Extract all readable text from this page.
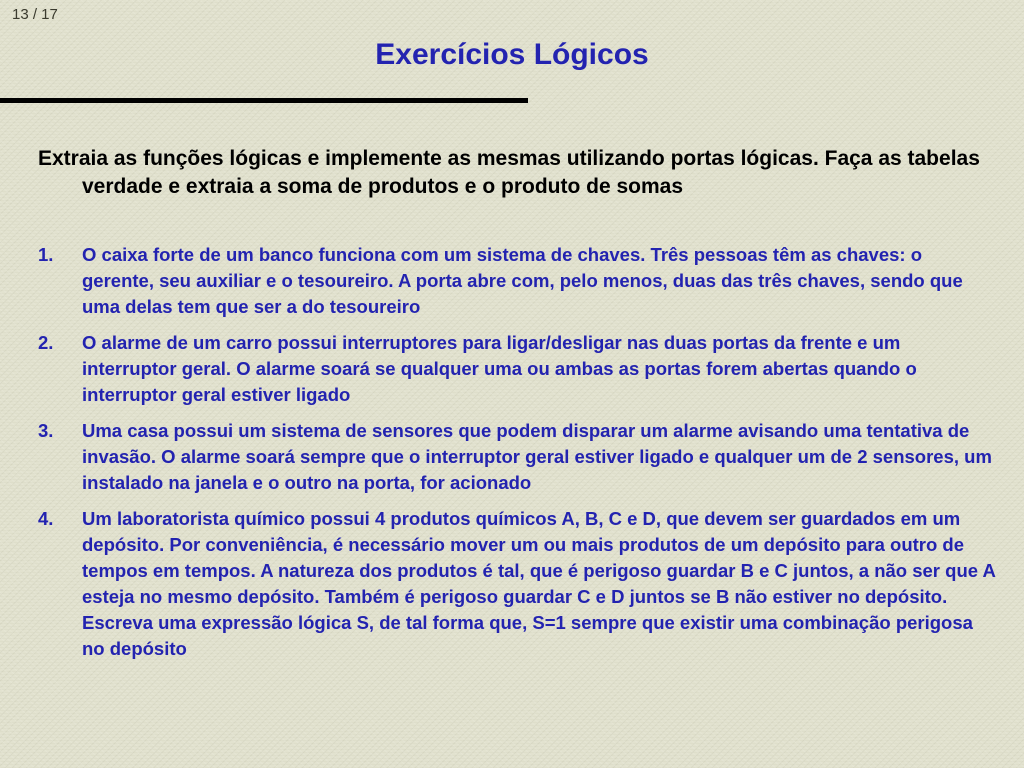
13 / 17
Exercícios Lógicos
Extraia as funções lógicas e implemente as mesmas utilizando portas lógicas. Faça as tabelas verdade e extraia a soma de produtos e o produto de somas
1.	O caixa forte de um banco funciona com um sistema de chaves. Três pessoas têm as chaves: o gerente, seu auxiliar e o tesoureiro. A porta abre com, pelo menos, duas das três chaves, sendo que uma delas tem que ser a do tesoureiro
2.	O alarme de um carro possui interruptores para ligar/desligar nas duas portas da frente e um interruptor geral. O alarme soará se qualquer uma ou ambas as portas forem abertas quando o interruptor geral estiver ligado
3.	Uma casa possui um sistema de sensores que podem disparar um alarme avisando uma tentativa de invasão. O alarme soará sempre que o interruptor geral estiver ligado e qualquer um de 2 sensores, um instalado na janela e o outro na porta, for acionado
4.	Um laboratorista químico possui 4 produtos químicos A, B, C e D, que devem ser guardados em um depósito. Por conveniência, é necessário mover um ou mais produtos de um depósito para outro de tempos em tempos. A natureza dos produtos é tal, que é perigoso guardar B e C juntos, a não ser que A esteja no mesmo depósito. Também é perigoso guardar C e D juntos se B não estiver no depósito. Escreva uma expressão lógica S, de tal forma que, S=1 sempre que existir uma combinação perigosa no depósito
